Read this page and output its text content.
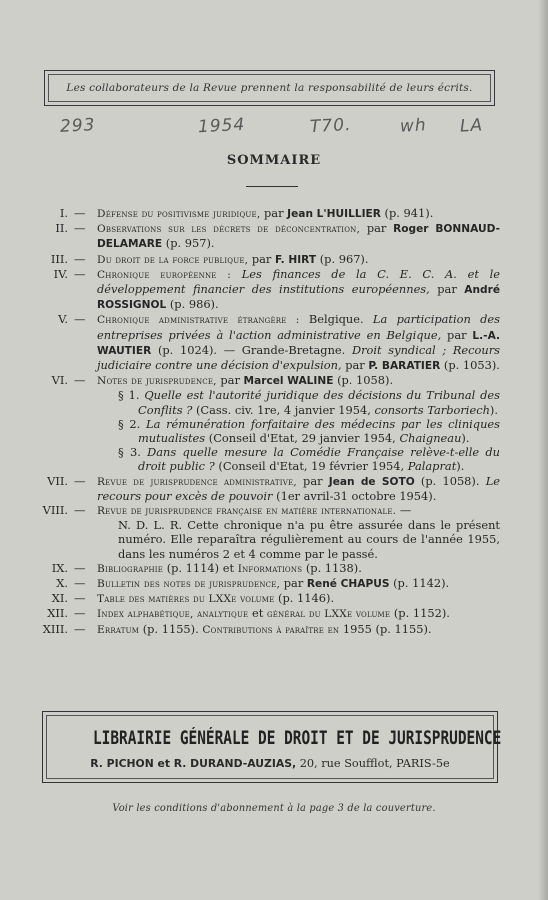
Les collaborateurs de la Revue prennent la responsabilité de leurs écrits.
293	1954	T70.	wh LA
SOMMAIRE
I. — Défense du positivisme juridique, par Jean L'HUILLIER (p. 941).
II. — Observations sur les décrets de déconcentration, par Roger BONNAUD-DELAMARE (p. 957).
III. — Du droit de la force publique, par F. HIRT (p. 967).
IV. — Chronique européenne : Les finances de la C. E. C. A. et le développement financier des institutions européennes, par André ROSSIGNOL (p. 986).
V. — Chronique administrative étrangère : Belgique. La participation des entreprises privées à l'action administrative en Belgique, par L.-A. WAUTIER (p. 1024). — Grande-Bretagne. Droit syndical ; Recours judiciaire contre une décision d'expulsion, par P. BARATIER (p. 1053).
VI. — Notes de jurisprudence, par Marcel WALINE (p. 1058).
§ 1. Quelle est l'autorité juridique des décisions du Tribunal des Conflits ? (Cass. civ. 1re, 4 janvier 1954, consorts Tarboriech).
§ 2. La rémunération forfaitaire des médecins par les cliniques mutualistes (Conseil d'Etat, 29 janvier 1954, Chaigneau).
§ 3. Dans quelle mesure la Comédie Française relève-t-elle du droit public ? (Conseil d'Etat, 19 février 1954, Palaprat).
VII. — Revue de jurisprudence administrative, par Jean de SOTO (p. 1058). Le recours pour excès de pouvoir (1er avril-31 octobre 1954).
VIII. — Revue de jurisprudence française en matière internationale. —
N. D. L. R. Cette chronique n'a pu être assurée dans le présent numéro. Elle reparaîtra régulièrement au cours de l'année 1955, dans les numéros 2 et 4 comme par le passé.
IX. — Bibliographie (p. 1114) et Informations (p. 1138).
X. — Bulletin des notes de jurisprudence, par René CHAPUS (p. 1142).
XI. — Table des matières du LXXe volume (p. 1146).
XII. — Index alphabétique, analytique et général du LXXe volume (p. 1152).
XIII. — Erratum (p. 1155). Contributions à paraître en 1955 (p. 1155).
LIBRAIRIE GÉNÉRALE DE DROIT ET DE JURISPRUDENCE
R. PICHON et R. DURAND-AUZIAS, 20, rue Soufflot, PARIS-5e
Voir les conditions d'abonnement à la page 3 de la couverture.
